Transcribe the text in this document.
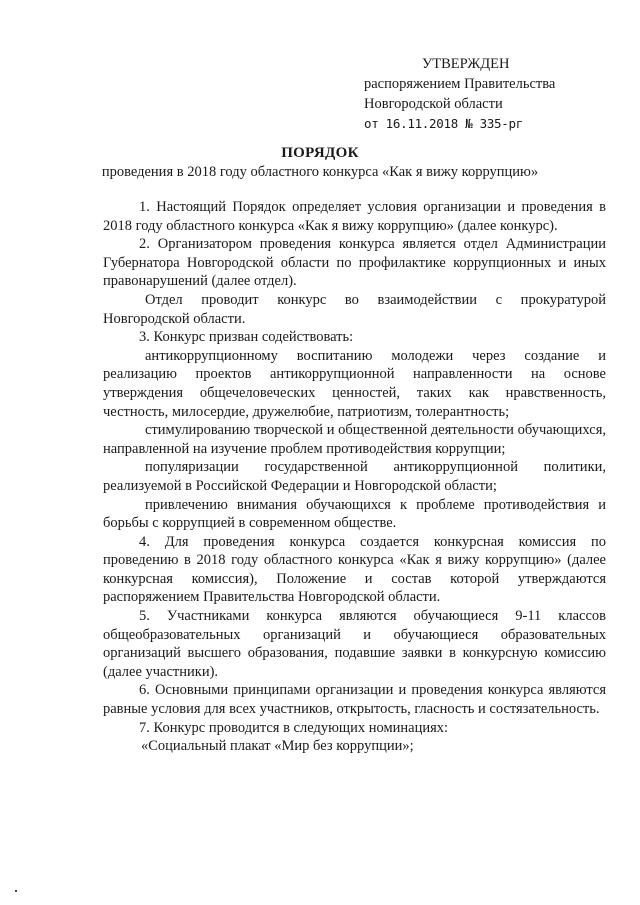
УТВЕРЖДЕН
распоряжением Правительства
Новгородской области
от 16.11.2018 № 335-рг
ПОРЯДОК
проведения в 2018 году областного конкурса «Как я вижу коррупцию»

1. Настоящий Порядок определяет условия организации и проведения в 2018 году областного конкурса «Как я вижу коррупцию» (далее конкурс).

2. Организатором проведения конкурса является отдел Администрации Губернатора Новгородской области по профилактике коррупционных и иных правонарушений (далее отдел).

Отдел проводит конкурс во взаимодействии с прокуратурой Новгородской области.

3. Конкурс призван содействовать:

антикоррупционному воспитанию молодежи через создание и реализацию проектов антикоррупционной направленности на основе утверждения общечеловеческих ценностей, таких как нравственность, честность, милосердие, дружелюбие, патриотизм, толерантность;

стимулированию творческой и общественной деятельности обучающихся, направленной на изучение проблем противодействия коррупции;

популяризации государственной антикоррупционной политики, реализуемой в Российской Федерации и Новгородской области;

привлечению внимания обучающихся к проблеме противодействия и борьбы с коррупцией в современном обществе.

4. Для проведения конкурса создается конкурсная комиссия по проведению в 2018 году областного конкурса «Как я вижу коррупцию» (далее конкурсная комиссия), Положение и состав которой утверждаются распоряжением Правительства Новгородской области.

5. Участниками конкурса являются обучающиеся 9-11 классов общеобразовательных организаций и обучающиеся образовательных организаций высшего образования, подавшие заявки в конкурсную комиссию (далее участники).

6. Основными принципами организации и проведения конкурса являются равные условия для всех участников, открытость, гласность и состязательность.

7. Конкурс проводится в следующих номинациях:

«Социальный плакат «Мир без коррупции»;
